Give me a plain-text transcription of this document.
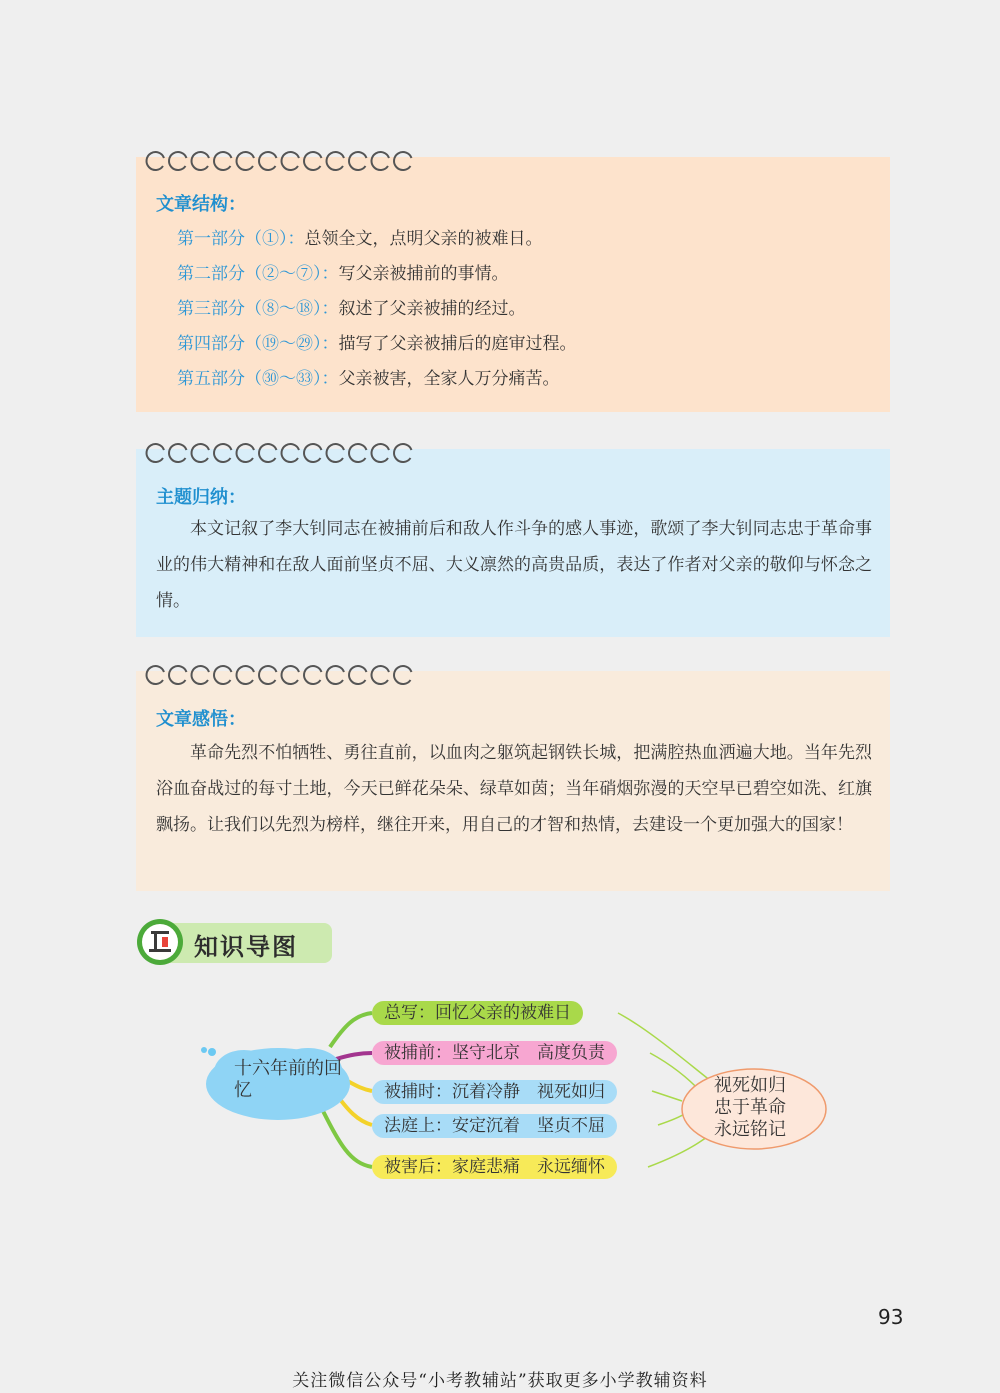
文章结构：
第一部分（①）：总领全文，点明父亲的被难日。
第二部分（②～⑦）：写父亲被捕前的事情。
第三部分（⑧～⑱）：叙述了父亲被捕的经过。
第四部分（⑲～㉙）：描写了父亲被捕后的庭审过程。
第五部分（㉚～㉝）：父亲被害，全家人万分痛苦。
主题归纳：

本文记叙了李大钊同志在被捕前后和敌人作斗争的感人事迹，歌颂了李大钊同志忠于革命事业的伟大精神和在敌人面前坚贞不屈、大义凛然的高贵品质，表达了作者对父亲的敬仰与怀念之情。

文章感悟：

革命先烈不怕牺牲、勇往直前，以血肉之躯筑起钢铁长城，把满腔热血洒遍大地。当年先烈浴血奋战过的每寸土地，今天已鲜花朵朵、绿草如茵；当年硝烟弥漫的天空早已碧空如洗、红旗飘扬。让我们以先烈为榜样，继往开来，用自己的才智和热情，去建设一个更加强大的国家！

知识导图
十六年前的回忆
总写：回忆父亲的被难日
被捕前：坚守北京　高度负责
被捕时：沉着冷静　视死如归
法庭上：安定沉着　坚贞不屈
被害后：家庭悲痛　永远缅怀
视死如归
忠于革命
永远铭记
93
关注微信公众号“小考教辅站”获取更多小学教辅资料
